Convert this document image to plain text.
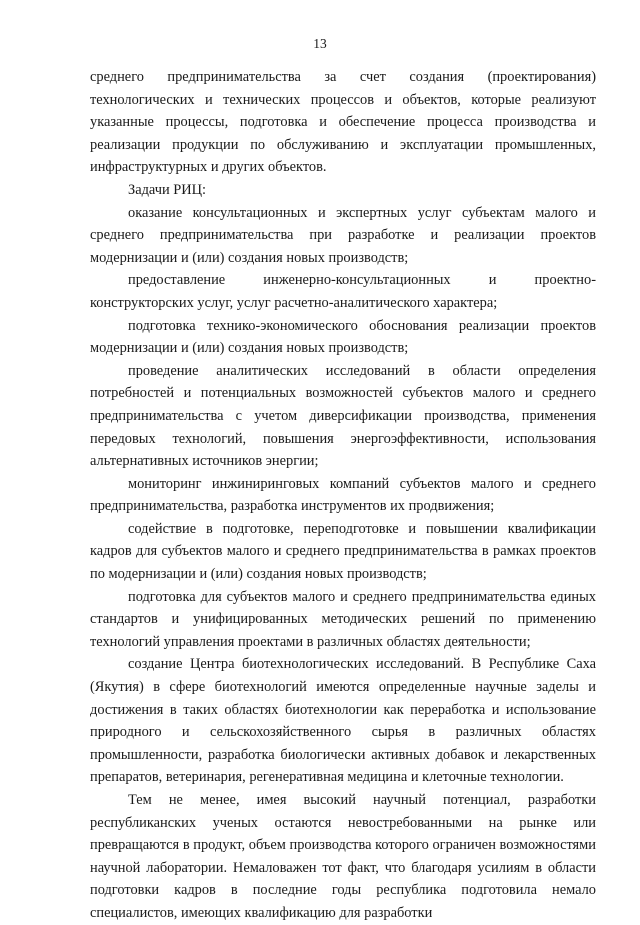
13

среднего предпринимательства за счет создания (проектирования) технологических и технических процессов и объектов, которые реализуют указанные процессы, подготовка и обеспечение процесса производства и реализации продукции по обслуживанию и эксплуатации промышленных, инфраструктурных и других объектов.

Задачи РИЦ:

оказание консультационных и экспертных услуг субъектам малого и среднего предпринимательства при разработке и реализации проектов модернизации и (или) создания новых производств;

предоставление инженерно-консультационных и проектно-конструкторских услуг, услуг расчетно-аналитического характера;

подготовка технико-экономического обоснования реализации проектов модернизации и (или) создания новых производств;

проведение аналитических исследований в области определения потребностей и потенциальных возможностей субъектов малого и среднего предпринимательства с учетом диверсификации производства, применения передовых технологий, повышения энергоэффективности, использования альтернативных источников энергии;

мониторинг инжиниринговых компаний субъектов малого и среднего предпринимательства, разработка инструментов их продвижения;

содействие в подготовке, переподготовке и повышении квалификации кадров для субъектов малого и среднего предпринимательства в рамках проектов по модернизации и (или) создания новых производств;

подготовка для субъектов малого и среднего предпринимательства единых стандартов и унифицированных методических решений по применению технологий управления проектами в различных областях деятельности;

создание Центра биотехнологических исследований. В Республике Саха (Якутия) в сфере биотехнологий имеются определенные научные заделы и достижения в таких областях биотехнологии как переработка и использование природного и сельскохозяйственного сырья в различных областях промышленности, разработка биологически активных добавок и лекарственных препаратов, ветеринария, регенеративная медицина и клеточные технологии.

Тем не менее, имея высокий научный потенциал, разработки республиканских ученых остаются невостребованными на рынке или превращаются в продукт, объем производства которого ограничен возможностями научной лаборатории. Немаловажен тот факт, что благодаря усилиям в области подготовки кадров в последние годы республика подготовила немало специалистов, имеющих квалификацию для разработки
